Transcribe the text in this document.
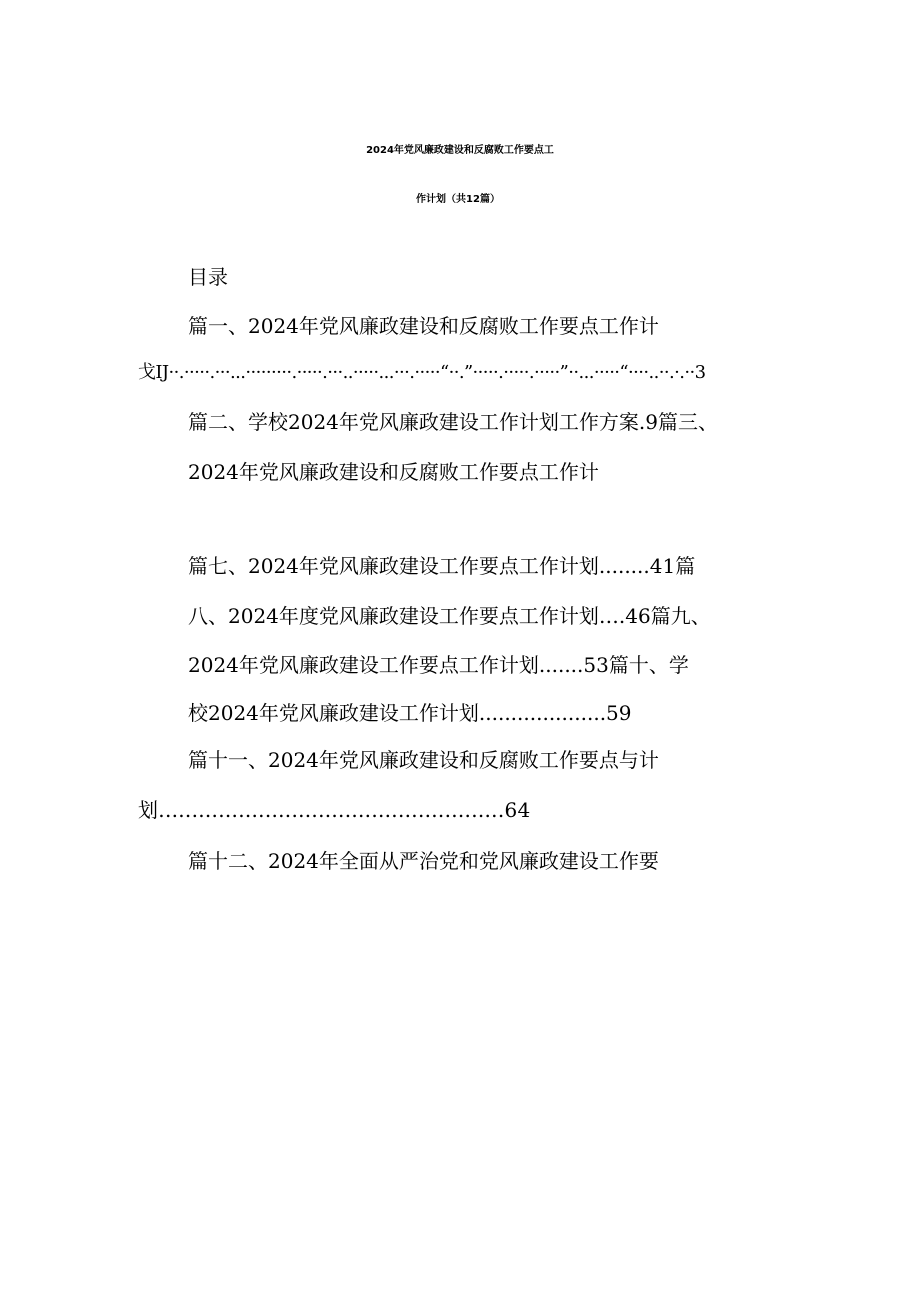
2024年党风廉政建设和反腐败工作要点工
作计划（共12篇）
目录
篇一、2024年党风廉政建设和反腐败工作要点工作计
戈IJ··.·····.···...·········.·····.···..·····...···.·····“··.”·····.·····.·····”··...·····“····..··.·.··3
篇二、学校2024年党风廉政建设工作计划工作方案.9篇三、
2024年党风廉政建设和反腐败工作要点工作计
篇七、2024年党风廉政建设工作要点工作计划........41篇
八、2024年度党风廉政建设工作要点工作计划….46篇九、
2024年党风廉政建设工作要点工作计划.......53篇十、学
校2024年党风廉政建设工作计划....................59
篇十一、2024年党风廉政建设和反腐败工作要点与计
划....................................................64
篇十二、2024年全面从严治党和党风廉政建设工作要
